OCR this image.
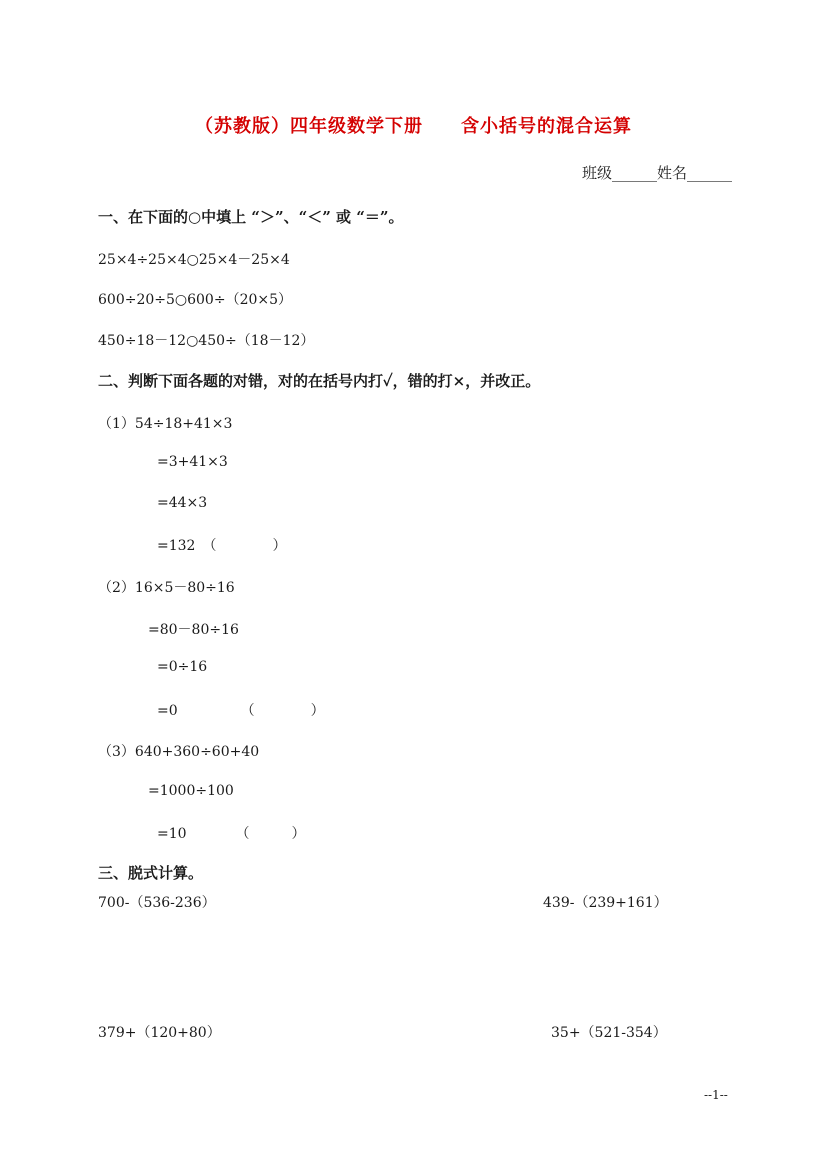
（苏教版）四年级数学下册　　含小括号的混合运算
班级______姓名______
一、在下面的○中填上 “＞”、“＜” 或 “＝”。
25×4÷25×4○25×4－25×4
600÷20÷5○600÷（20×5）
450÷18－12○450÷（18－12）
二、判断下面各题的对错，对的在括号内打✓，错的打×，并改正。
（1）54÷18+41×3
=3+41×3
=44×3
=132　（　　　　）
（2）16×5－80÷16
=80－80÷16
=0÷16
=0　　　　　（　　　　）
（3）640+360÷60+40
=1000÷100
=10　　　　（　　　）
三、脱式计算。
700-（536-236）	439-（239+161）
379+（120+80）	35+（521-354）
--1--
